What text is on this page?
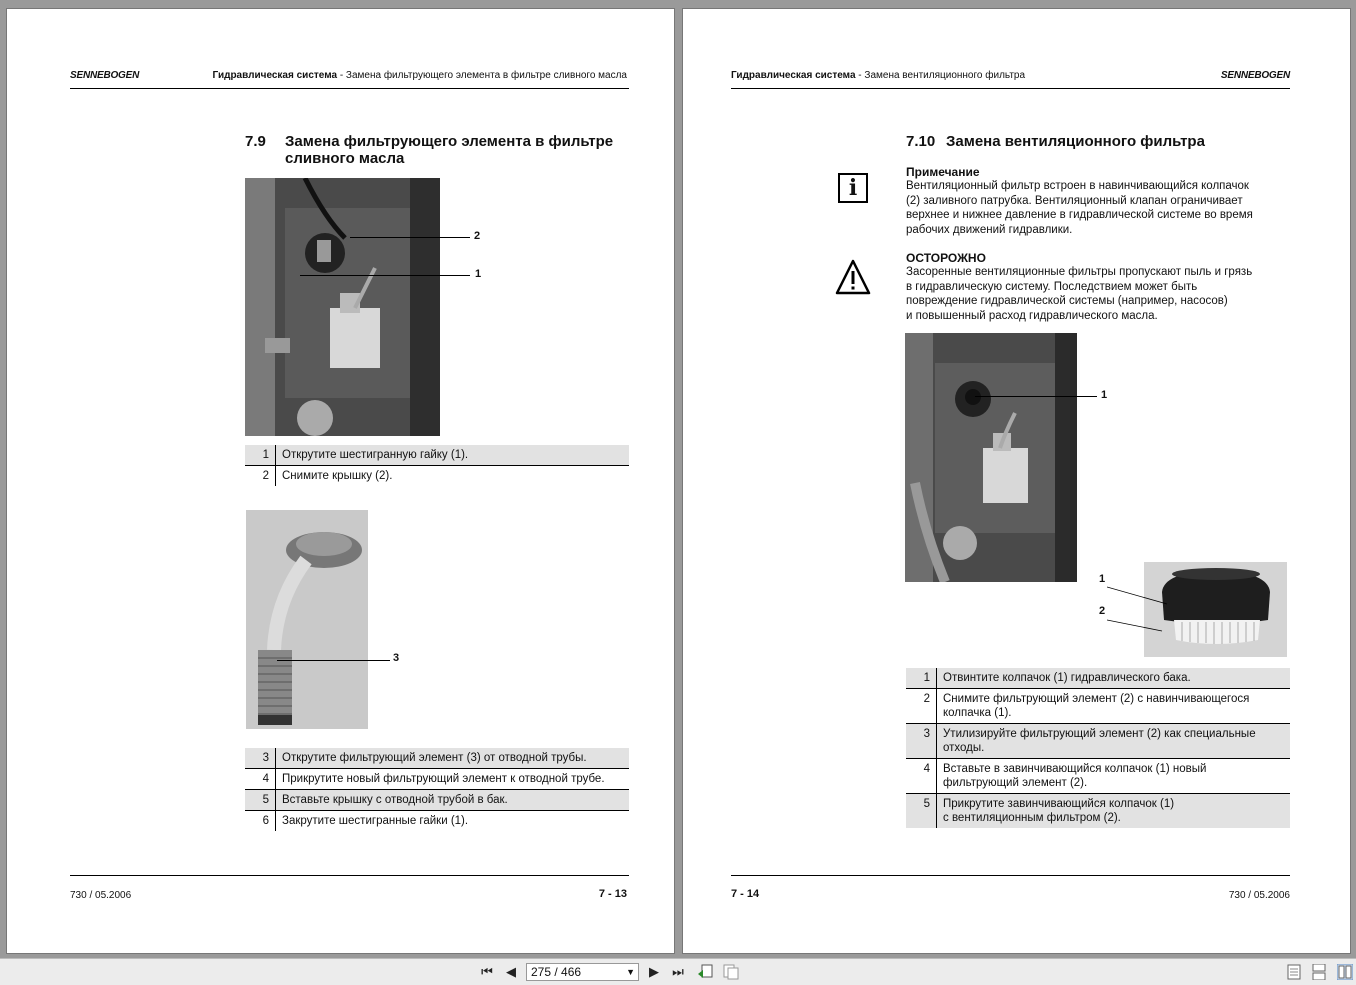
SENNEBOGEN	Гидравлическая система - Замена фильтрующего элемента в фильтре сливного масла
7.9 Замена фильтрующего элемента в фильтре
сливного масла
2
1
1	Открутите шестигранную гайку (1).
2	Снимите крышку (2).
3
3	Открутите фильтрующий элемент (3) от отводной трубы.
4	Прикрутите новый фильтрующий элемент к отводной трубе.
5	Вставьте крышку с отводной трубой в бак.
6	Закрутите шестигранные гайки (1).
730 / 05.2006	7 - 13
Гидравлическая система - Замена вентиляционного фильтра	SENNEBOGEN
7.10 Замена вентиляционного фильтра
i
Примечание
Вентиляционный фильтр встроен в навинчивающийся колпачок
(2) заливного патрубка. Вентиляционный клапан ограничивает
верхнее и нижнее давление в гидравлической системе во время
рабочих движений гидравлики.
ОСТОРОЖНО
Засоренные вентиляционные фильтры пропускают пыль и грязь
в гидравлическую систему. Последствием может быть
повреждение гидравлической системы (например, насосов)
и повышенный расход гидравлического масла.
1
1
2
1	Отвинтите колпачок (1) гидравлического бака.

2	Снимите фильтрующий элемент (2) с навинчивающегося
колпачка (1).

3	Утилизируйте фильтрующий элемент (2) как специальные
отходы.

4	Вставьте в завинчивающийся колпачок (1) новый
фильтрующий элемент (2).

5	Прикрутите завинчивающийся колпачок (1)
с вентиляционным фильтром (2).
7 - 14	730 / 05.2006
⏮ ◀	275 / 466	▼ ▶ ⏭
